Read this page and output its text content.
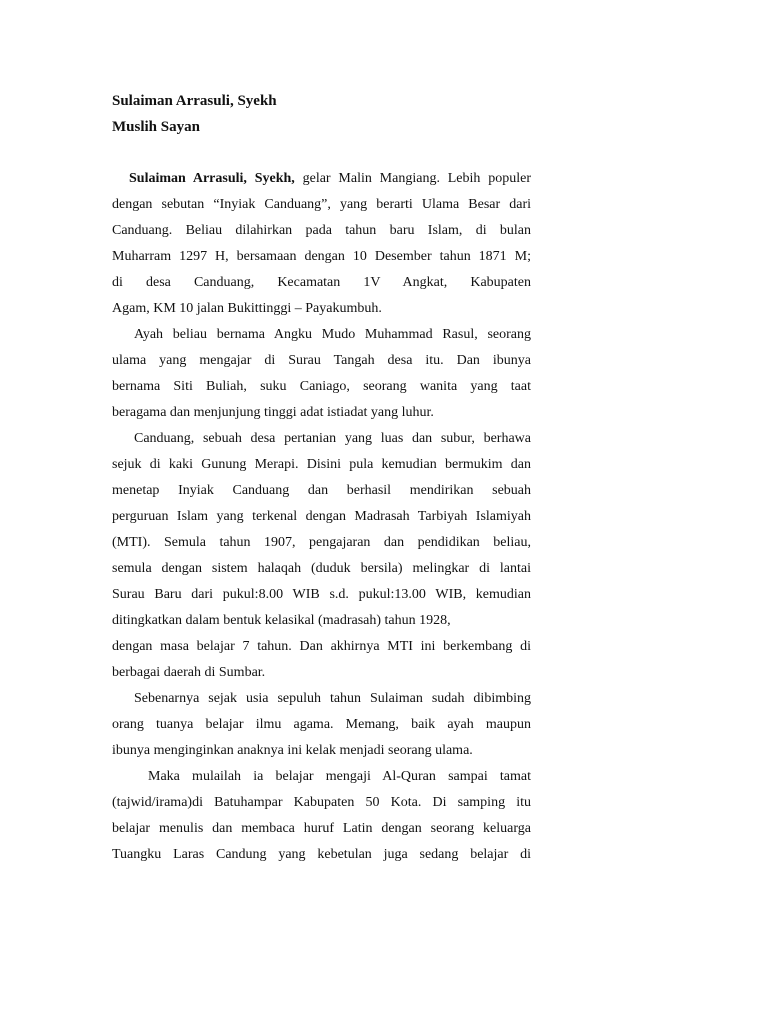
Sulaiman Arrasuli, Syekh

Muslih Sayan

Sulaiman Arrasuli, Syekh, gelar Malin Mangiang. Lebih populer
dengan sebutan “Inyiak Canduang”, yang berarti Ulama Besar dari
Canduang. Beliau dilahirkan pada tahun baru Islam, di bulan
Muharram 1297 H, bersamaan dengan 10 Desember tahun 1871 M;
di desa Canduang, Kecamatan 1V Angkat, Kabupaten
Agam, KM 10 jalan Bukittinggi – Payakumbuh.
Ayah beliau bernama Angku Mudo Muhammad Rasul, seorang
ulama yang mengajar di Surau Tangah desa itu. Dan ibunya
bernama Siti Buliah, suku Caniago, seorang wanita yang taat
beragama dan menjunjung tinggi adat istiadat yang luhur.
Canduang, sebuah desa pertanian yang luas dan subur, berhawa
sejuk di kaki Gunung Merapi. Disini pula kemudian bermukim dan
menetap Inyiak Canduang dan berhasil mendirikan sebuah
perguruan Islam yang terkenal dengan Madrasah Tarbiyah Islamiyah
(MTI). Semula tahun 1907, pengajaran dan pendidikan beliau,
semula dengan sistem halaqah (duduk bersila) melingkar di lantai
Surau Baru dari pukul:8.00 WIB s.d. pukul:13.00 WIB, kemudian
ditingkatkan dalam bentuk kelasikal (madrasah) tahun 1928,
dengan masa belajar 7 tahun. Dan akhirnya MTI ini berkembang di
berbagai daerah di Sumbar.
Sebenarnya sejak usia sepuluh tahun Sulaiman sudah dibimbing
orang tuanya belajar ilmu agama. Memang, baik ayah maupun
ibunya menginginkan anaknya ini kelak menjadi seorang ulama.
Maka mulailah ia belajar mengaji Al-Quran sampai tamat
(tajwid/irama)di Batuhampar Kabupaten 50 Kota. Di samping itu
belajar menulis dan membaca huruf Latin dengan seorang keluarga
Tuangku Laras Candung yang kebetulan juga sedang belajar di
